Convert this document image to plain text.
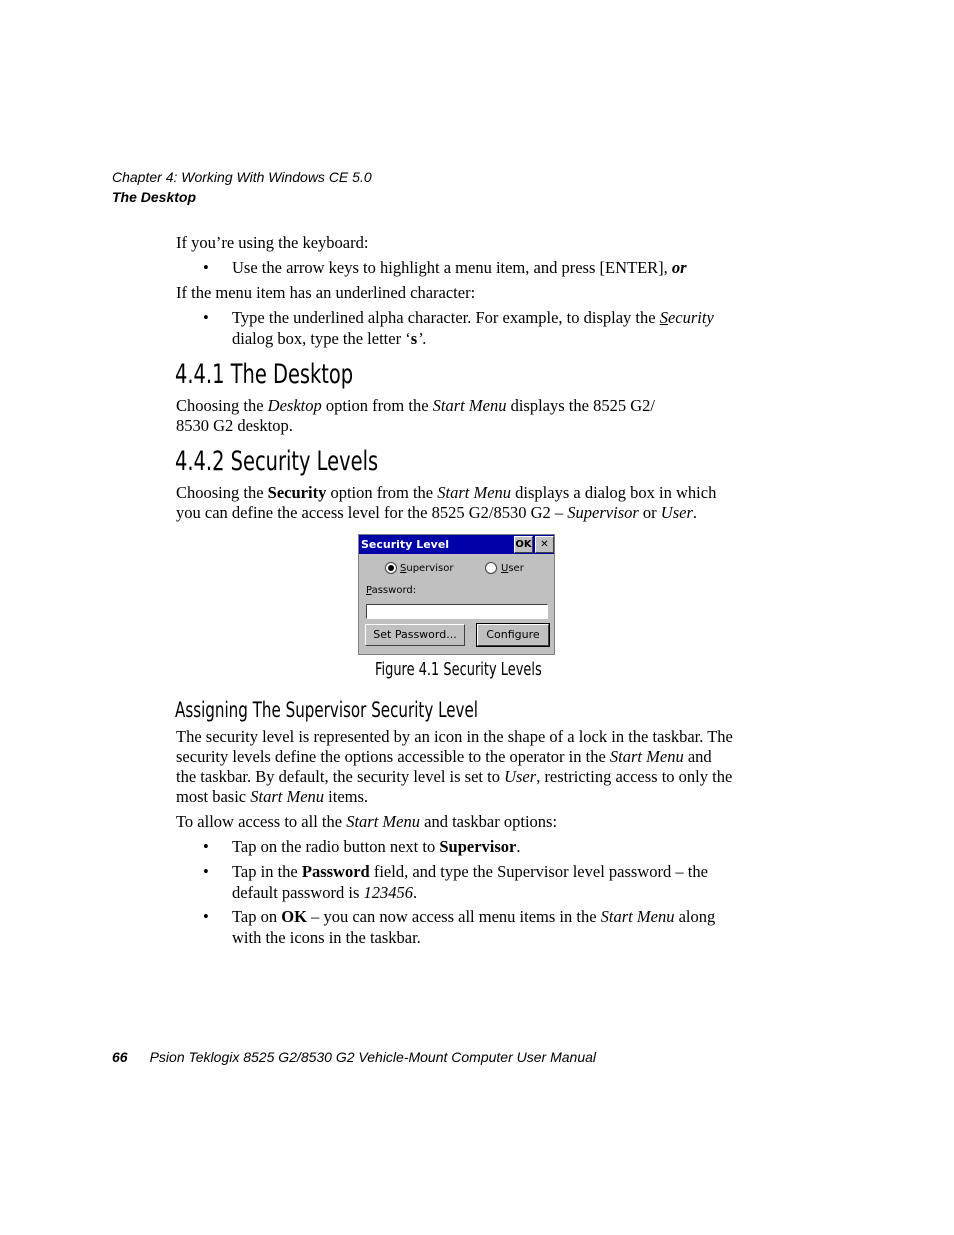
Chapter 4: Working With Windows CE 5.0
The Desktop
If you’re using the keyboard:
• Use the arrow keys to highlight a menu item, and press [ENTER], or
If the menu item has an underlined character:
• Type the underlined alpha character. For example, to display the Security
dialog box, type the letter ‘s’.
4.4.1 The Desktop
Choosing the Desktop option from the Start Menu displays the 8525 G2/
8530 G2 desktop.
4.4.2 Security Levels
Choosing the Security option from the Start Menu displays a dialog box in which
you can define the access level for the 8525 G2/8530 G2 – Supervisor or User.
Security Level	OK ✕
Supervisor	User
Password:
Set Password...	Configure
Figure 4.1 Security Levels
Assigning The Supervisor Security Level
The security level is represented by an icon in the shape of a lock in the taskbar. The
security levels define the options accessible to the operator in the Start Menu and
the taskbar. By default, the security level is set to User, restricting access to only the
most basic Start Menu items.
To allow access to all the Start Menu and taskbar options:
• Tap on the radio button next to Supervisor.
• Tap in the Password field, and type the Supervisor level password – the
default password is 123456.
• Tap on OK – you can now access all menu items in the Start Menu along
with the icons in the taskbar.
66 Psion Teklogix 8525 G2/8530 G2 Vehicle-Mount Computer User Manual
